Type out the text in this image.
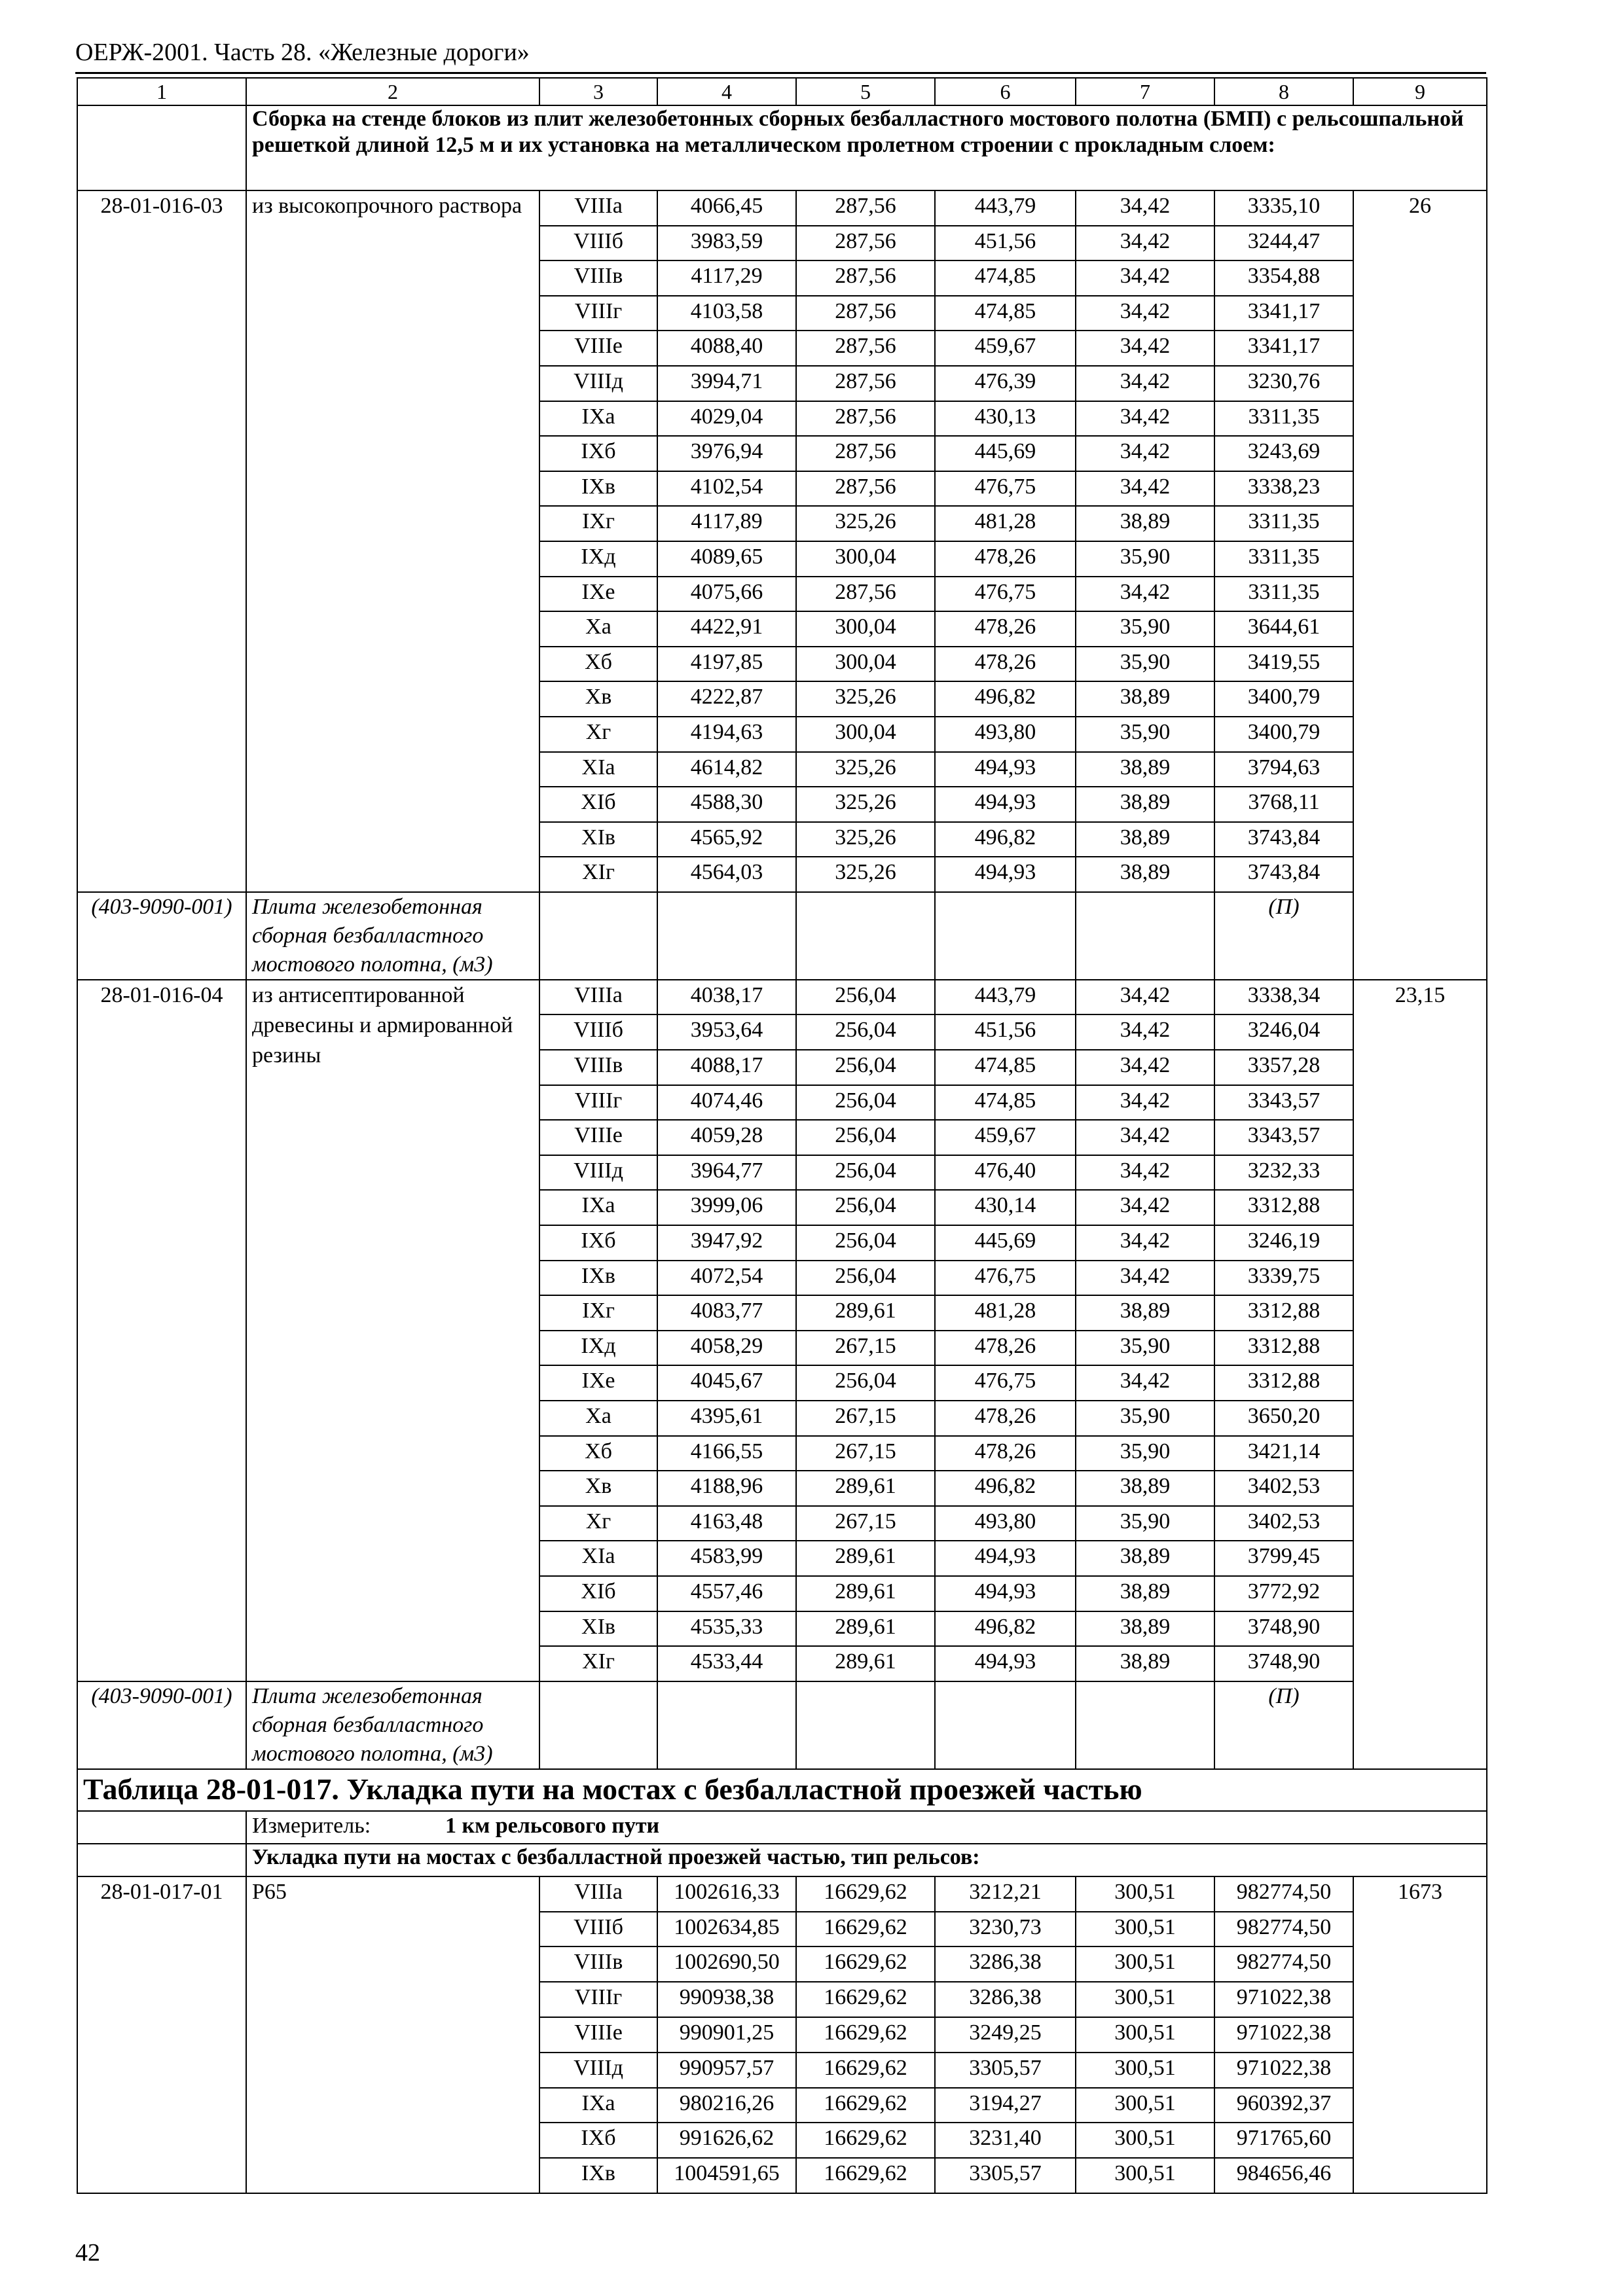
ОЕРЖ-2001. Часть 28. «Железные дороги»
1	2	3	4	5	6	7	8	9
	Сборка на стенде блоков из плит железобетонных сборных безбалластного мостового полотна (БМП) с рельсошпальной решеткой длиной 12,5 м и их установка на металлическом пролетном строении с прокладным слоем:							
28-01-016-03	из высокопрочного раствора	VIIIа	4066,45	287,56	443,79	34,42	3335,10	26
		VIIIб	3983,59	287,56	451,56	34,42	3244,47	
		VIIIв	4117,29	287,56	474,85	34,42	3354,88	
		VIIIг	4103,58	287,56	474,85	34,42	3341,17	
		VIIIе	4088,40	287,56	459,67	34,42	3341,17	
		VIIIд	3994,71	287,56	476,39	34,42	3230,76	
		IXа	4029,04	287,56	430,13	34,42	3311,35	
		IXб	3976,94	287,56	445,69	34,42	3243,69	
		IXв	4102,54	287,56	476,75	34,42	3338,23	
		IXг	4117,89	325,26	481,28	38,89	3311,35	
		IXд	4089,65	300,04	478,26	35,90	3311,35	
		IXе	4075,66	287,56	476,75	34,42	3311,35	
		Xа	4422,91	300,04	478,26	35,90	3644,61	
		Xб	4197,85	300,04	478,26	35,90	3419,55	
		Xв	4222,87	325,26	496,82	38,89	3400,79	
		Xг	4194,63	300,04	493,80	35,90	3400,79	
		XIа	4614,82	325,26	494,93	38,89	3794,63	
		XIб	4588,30	325,26	494,93	38,89	3768,11	
		XIв	4565,92	325,26	496,82	38,89	3743,84	
		XIг	4564,03	325,26	494,93	38,89	3743,84	
(403-9090-001)	Плита железобетонная сборная безбалластного мостового полотна, (м3)						(П)	
28-01-016-04	из антисептированной древесины и армированной резины	VIIIа	4038,17	256,04	443,79	34,42	3338,34	23,15
		VIIIб	3953,64	256,04	451,56	34,42	3246,04	
		VIIIв	4088,17	256,04	474,85	34,42	3357,28	
		VIIIг	4074,46	256,04	474,85	34,42	3343,57	
		VIIIе	4059,28	256,04	459,67	34,42	3343,57	
		VIIIд	3964,77	256,04	476,40	34,42	3232,33	
		IXа	3999,06	256,04	430,14	34,42	3312,88	
		IXб	3947,92	256,04	445,69	34,42	3246,19	
		IXв	4072,54	256,04	476,75	34,42	3339,75	
		IXг	4083,77	289,61	481,28	38,89	3312,88	
		IXд	4058,29	267,15	478,26	35,90	3312,88	
		IXе	4045,67	256,04	476,75	34,42	3312,88	
		Xа	4395,61	267,15	478,26	35,90	3650,20	
		Xб	4166,55	267,15	478,26	35,90	3421,14	
		Xв	4188,96	289,61	496,82	38,89	3402,53	
		Xг	4163,48	267,15	493,80	35,90	3402,53	
		XIа	4583,99	289,61	494,93	38,89	3799,45	
		XIб	4557,46	289,61	494,93	38,89	3772,92	
		XIв	4535,33	289,61	496,82	38,89	3748,90	
		XIг	4533,44	289,61	494,93	38,89	3748,90	
(403-9090-001)	Плита железобетонная сборная безбалластного мостового полотна, (м3)						(П)	
Таблица 28-01-017. Укладка пути на мостах с безбалластной проезжей частью								
	Измеритель: 1 км рельсового пути							
	Укладка пути на мостах с безбалластной проезжей частью, тип рельсов:							
28-01-017-01	Р65	VIIIа	1002616,33	16629,62	3212,21	300,51	982774,50	1673
		VIIIб	1002634,85	16629,62	3230,73	300,51	982774,50	
		VIIIв	1002690,50	16629,62	3286,38	300,51	982774,50	
		VIIIг	990938,38	16629,62	3286,38	300,51	971022,38	
		VIIIе	990901,25	16629,62	3249,25	300,51	971022,38	
		VIIIд	990957,57	16629,62	3305,57	300,51	971022,38	
		IXа	980216,26	16629,62	3194,27	300,51	960392,37	
		IXб	991626,62	16629,62	3231,40	300,51	971765,60	
		IXв	1004591,65	16629,62	3305,57	300,51	984656,46	
42
